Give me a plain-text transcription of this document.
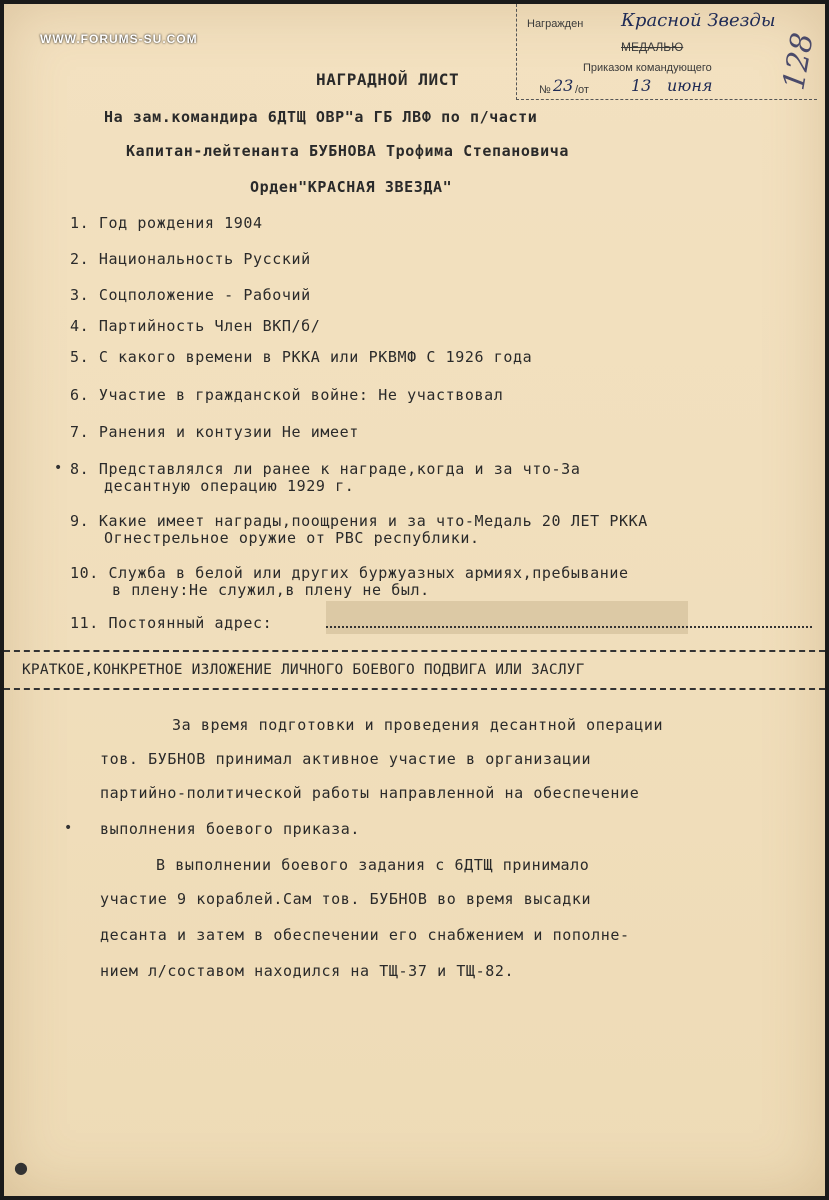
WWW.FORUMS-SU.COM
Награжден Красной Звезды
МЕДАЛЬЮ
Приказом командующего
№ 23 /от	13 июня 128
НАГРАДНОЙ ЛИСТ
На зам.командира 6ДТЩ ОВР"а ГБ ЛВФ по п/части
Капитан-лейтенанта БУБНОВА Трофима Степановича
Орден"КРАСНАЯ ЗВЕЗДА"
1. Год рождения 1904
2. Национальность Русский
3. Соцположение - Рабочий
4. Партийность Член ВКП/б/
5. С какого времени в РККА или РКВМФ С 1926 года
6. Участие в гражданской войне: Не участвовал
7. Ранения и контузии Не имеет
8. Представлялся ли ранее к награде,когда и за что-За
десантную операцию 1929 г.
9. Какие имеет награды,поощрения и за что-Медаль 20 ЛЕТ РККА
Огнестрельное оружие от РВС республики.
10. Служба в белой или других буржуазных армиях,пребывание
в плену:Не служил,в плену не был.
11. Постоянный адрес:
КРАТКОЕ,КОНКРЕТНОЕ ИЗЛОЖЕНИЕ ЛИЧНОГО БОЕВОГО ПОДВИГА ИЛИ ЗАСЛУГ
За время подготовки и проведения десантной операции
тов. БУБНОВ принимал активное участие в организации
партийно-политической работы направленной на обеспечение
выполнения боевого приказа.
В выполнении боевого задания с 6ДТЩ принимало
участие 9 кораблей.Сам тов. БУБНОВ во время высадки
десанта и затем в обеспечении его снабжением и пополне-
нием л/составом находился на ТЩ-37 и ТЩ-82.
•
•
●
